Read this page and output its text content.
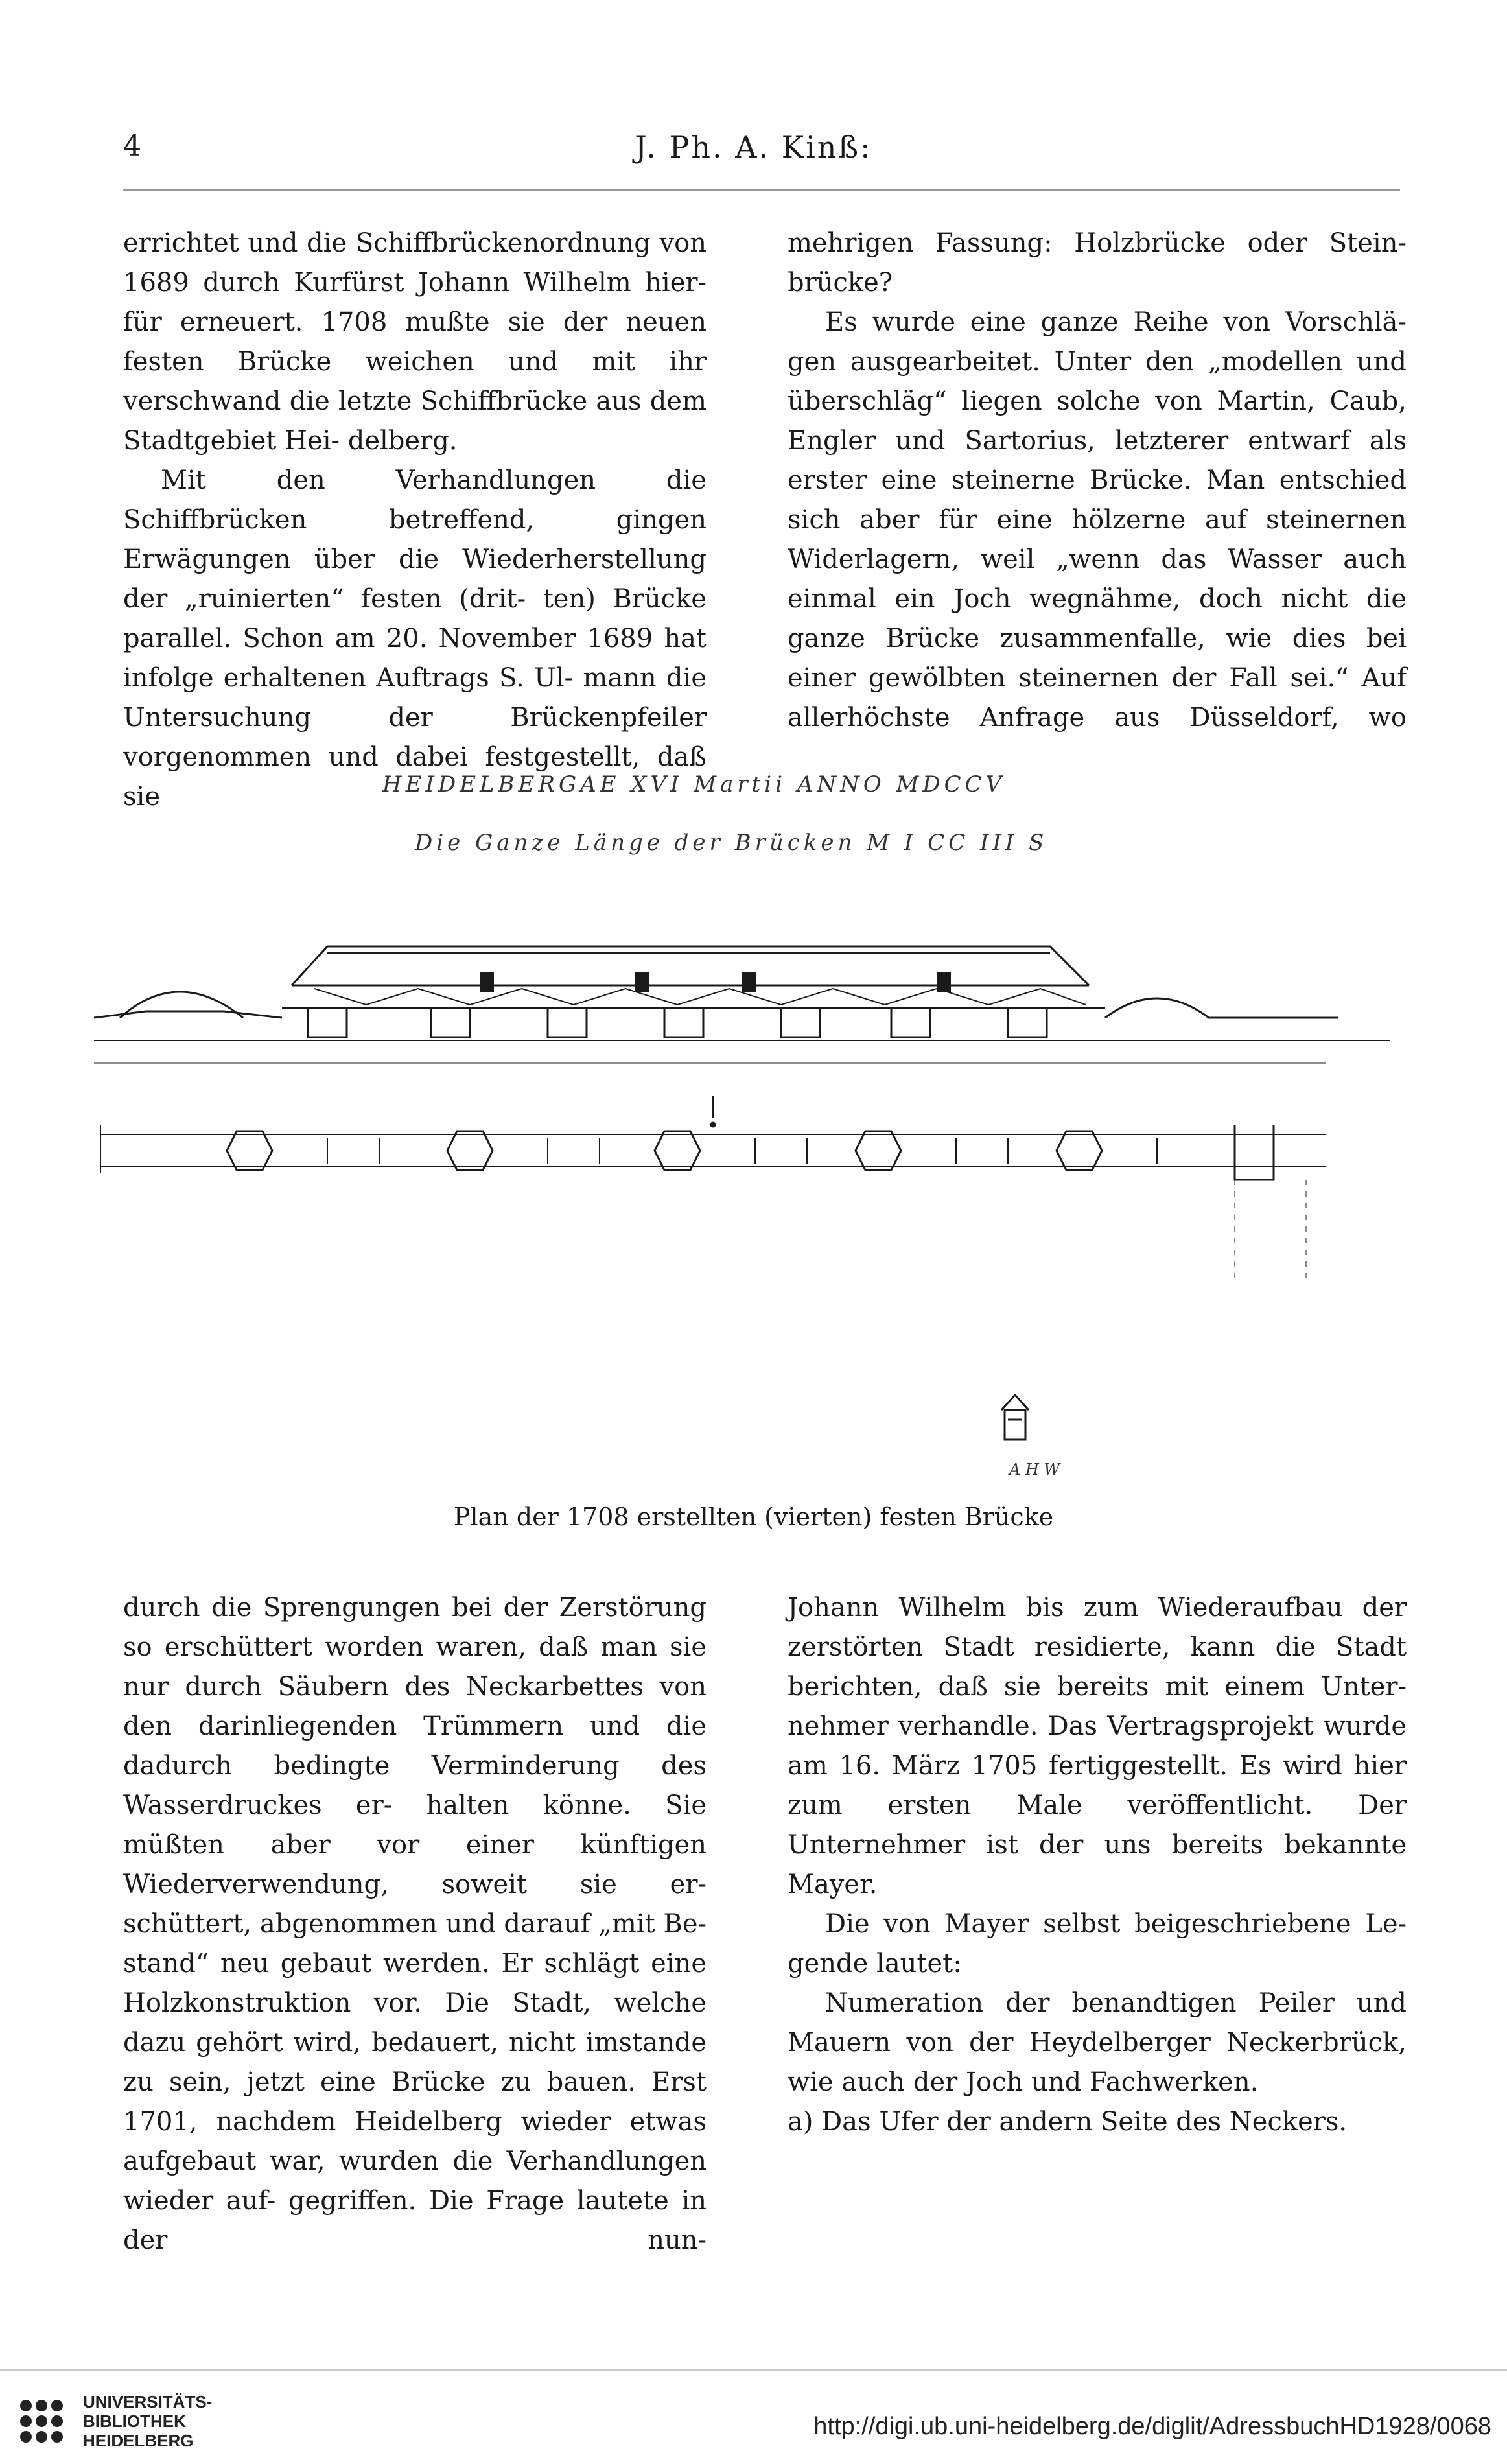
4	J. Ph. A. Kinß:

errichtet und die Schiffbrückenordnung von 1689 durch Kurfürst Johann Wilhelm hier- für erneuert. 1708 mußte sie der neuen festen Brücke weichen und mit ihr verschwand die letzte Schiffbrücke aus dem Stadtgebiet Hei- delberg.

Mit den Verhandlungen die Schiffbrücken betreffend, gingen Erwägungen über die Wiederherstellung der „ruinierten“ festen (drit- ten) Brücke parallel. Schon am 20. November 1689 hat infolge erhaltenen Auftrags S. Ul- mann die Untersuchung der Brückenpfeiler vorgenommen und dabei festgestellt, daß sie

mehrigen Fassung: Holzbrücke oder Stein- brücke?

Es wurde eine ganze Reihe von Vorschlä- gen ausgearbeitet. Unter den „modellen und überschläg“ liegen solche von Martin, Caub, Engler und Sartorius, letzterer entwarf als erster eine steinerne Brücke. Man entschied sich aber für eine hölzerne auf steinernen Widerlagern, weil „wenn das Wasser auch einmal ein Joch wegnähme, doch nicht die ganze Brücke zusammenfalle, wie dies bei einer gewölbten steinernen der Fall sei.“ Auf allerhöchste Anfrage aus Düsseldorf, wo

HEIDELBERGAE XVI Martii ANNO MDCCV
Die Ganze Länge der Brücken M I CC III S
A H W
Plan der 1708 erstellten (vierten) festen Brücke

durch die Sprengungen bei der Zerstörung so erschüttert worden waren, daß man sie nur durch Säubern des Neckarbettes von den darinliegenden Trümmern und die dadurch bedingte Verminderung des Wasserdruckes er- halten könne. Sie müßten aber vor einer künftigen Wiederverwendung, soweit sie er- schüttert, abgenommen und darauf „mit Be- stand“ neu gebaut werden. Er schlägt eine Holzkonstruktion vor. Die Stadt, welche dazu gehört wird, bedauert, nicht imstande zu sein, jetzt eine Brücke zu bauen. Erst 1701, nachdem Heidelberg wieder etwas aufgebaut war, wurden die Verhandlungen wieder auf- gegriffen. Die Frage lautete in der nun-

Johann Wilhelm bis zum Wiederaufbau der zerstörten Stadt residierte, kann die Stadt berichten, daß sie bereits mit einem Unter- nehmer verhandle. Das Vertragsprojekt wurde am 16. März 1705 fertiggestellt. Es wird hier zum ersten Male veröffentlicht. Der Unternehmer ist der uns bereits bekannte Mayer.

Die von Mayer selbst beigeschriebene Le- gende lautet:

Numeration der benandtigen Peiler und Mauern von der Heydelberger Neckerbrück, wie auch der Joch und Fachwerken.

a) Das Ufer der andern Seite des Neckers.

UNIVERSITÄTS-
BIBLIOTHEK
HEIDELBERG
http://digi.ub.uni-heidelberg.de/diglit/AdressbuchHD1928/0068
